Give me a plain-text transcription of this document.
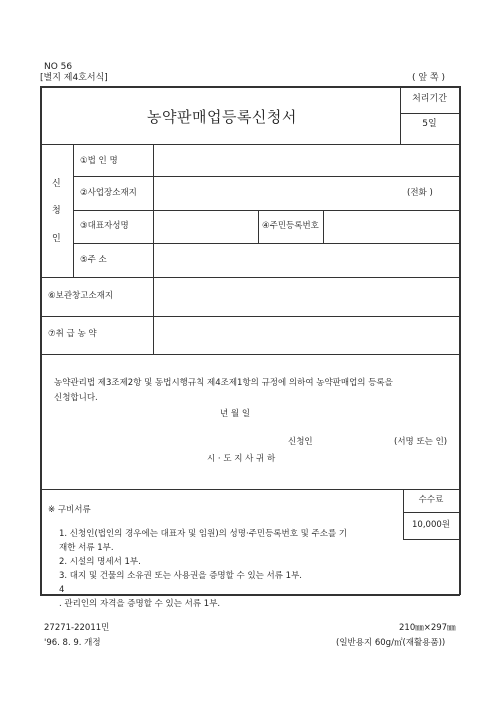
NO 56
[별지 제4호서식]	( 앞 쪽 )
농약판매업등록신청서
처리기간
5일
신
청
인
①법 인 명
②사업장소재지	(전화 )
③대표자성명	④주민등록번호
⑤주 소
⑥보관창고소재지
⑦취 급 농 약
농약관리법 제3조제2항 및 동법시행규칙 제4조제1항의 규정에 의하여 농약판매업의 등록을
신청합니다.
년 월 일
신청인	(서명 또는 인)
시 · 도 지 사 귀 하
※ 구비서류
수수료
10,000원
1. 신청인(법인의 경우에는 대표자 및 임원)의 성명·주민등록번호 및 주소를 기
재한 서류 1부.
2. 시설의 명세서 1부.
3. 대지 및 건물의 소유권 또는 사용권을 증명할 수 있는 서류 1부.
4
. 관리인의 자격을 증명할 수 있는 서류 1부.
27271-22011민	210㎜×297㎜
'96. 8. 9. 개정	(일반용지 60g/㎡(재활용품))
